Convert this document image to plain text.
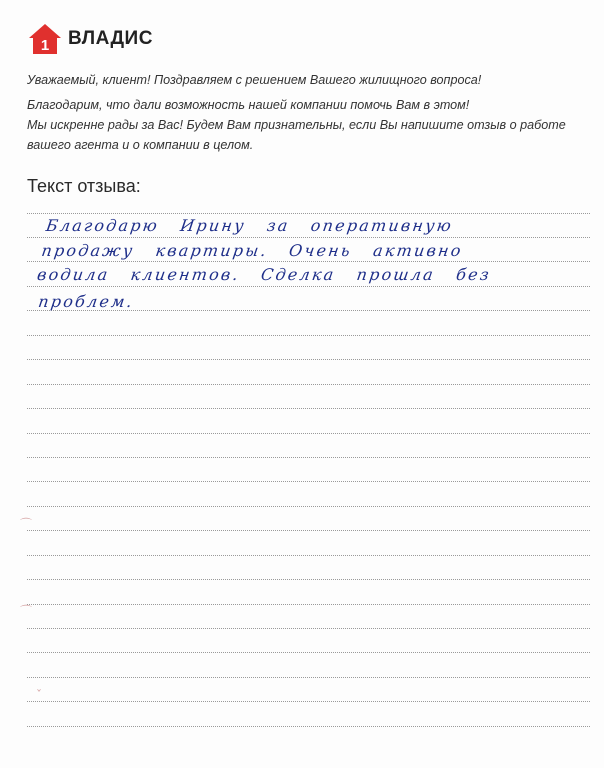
1 ВЛАДИС

Уважаемый, клиент! Поздравляем с решением Вашего жилищного вопроса!

Благодарим, что дали возможность нашей компании помочь Вам в этом!

Мы искренне рады за Вас! Будем Вам признательны, если Вы напишите отзыв о работе

вашего агента и о компании в целом.

Текст отзыва:
Благодарю Ирину за оперативную
продажу квартиры. Очень активно
водила клиентов. Сделка прошла без
проблем.
⌒
⌒
ˇ
